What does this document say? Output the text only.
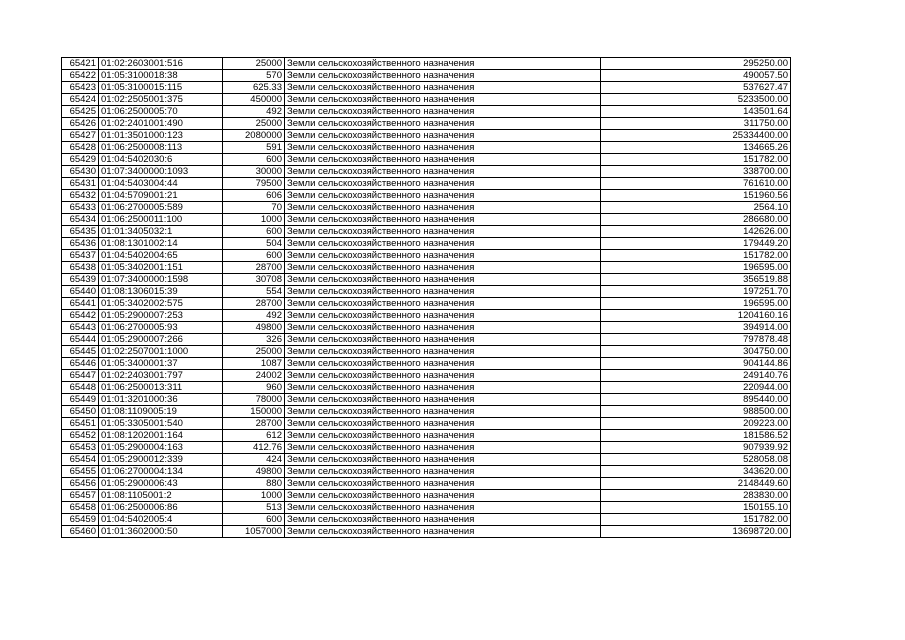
65421	01:02:2603001:516	25000	Земли сельскохозяйственного назначения	295250.00
65422	01:05:3100018:38	570	Земли сельскохозяйственного назначения	490057.50
65423	01:05:3100015:115	625.33	Земли сельскохозяйственного назначения	537627.47
65424	01:02:2505001:375	450000	Земли сельскохозяйственного назначения	5233500.00
65425	01:06:2500005:70	492	Земли сельскохозяйственного назначения	143501.64
65426	01:02:2401001:490	25000	Земли сельскохозяйственного назначения	311750.00
65427	01:01:3501000:123	2080000	Земли сельскохозяйственного назначения	25334400.00
65428	01:06:2500008:113	591	Земли сельскохозяйственного назначения	134665.26
65429	01:04:5402030:6	600	Земли сельскохозяйственного назначения	151782.00
65430	01:07:3400000:1093	30000	Земли сельскохозяйственного назначения	338700.00
65431	01:04:5403004:44	79500	Земли сельскохозяйственного назначения	761610.00
65432	01:04:5709001:21	606	Земли сельскохозяйственного назначения	151960.56
65433	01:06:2700005:589	70	Земли сельскохозяйственного назначения	2564.10
65434	01:06:2500011:100	1000	Земли сельскохозяйственного назначения	286680.00
65435	01:01:3405032:1	600	Земли сельскохозяйственного назначения	142626.00
65436	01:08:1301002:14	504	Земли сельскохозяйственного назначения	179449.20
65437	01:04:5402004:65	600	Земли сельскохозяйственного назначения	151782.00
65438	01:05:3402001:151	28700	Земли сельскохозяйственного назначения	196595.00
65439	01:07:3400000:1598	30708	Земли сельскохозяйственного назначения	356519.88
65440	01:08:1306015:39	554	Земли сельскохозяйственного назначения	197251.70
65441	01:05:3402002:575	28700	Земли сельскохозяйственного назначения	196595.00
65442	01:05:2900007:253	492	Земли сельскохозяйственного назначения	1204160.16
65443	01:06:2700005:93	49800	Земли сельскохозяйственного назначения	394914.00
65444	01:05:2900007:266	326	Земли сельскохозяйственного назначения	797878.48
65445	01:02:2507001:1000	25000	Земли сельскохозяйственного назначения	304750.00
65446	01:05:3400001:37	1087	Земли сельскохозяйственного назначения	904144.86
65447	01:02:2403001:797	24002	Земли сельскохозяйственного назначения	249140.76
65448	01:06:2500013:311	960	Земли сельскохозяйственного назначения	220944.00
65449	01:01:3201000:36	78000	Земли сельскохозяйственного назначения	895440.00
65450	01:08:1109005:19	150000	Земли сельскохозяйственного назначения	988500.00
65451	01:05:3305001:540	28700	Земли сельскохозяйственного назначения	209223.00
65452	01:08:1202001:164	612	Земли сельскохозяйственного назначения	181586.52
65453	01:05:2900004:163	412.76	Земли сельскохозяйственного назначения	907939.92
65454	01:05:2900012:339	424	Земли сельскохозяйственного назначения	528058.08
65455	01:06:2700004:134	49800	Земли сельскохозяйственного назначения	343620.00
65456	01:05:2900006:43	880	Земли сельскохозяйственного назначения	2148449.60
65457	01:08:1105001:2	1000	Земли сельскохозяйственного назначения	283830.00
65458	01:06:2500006:86	513	Земли сельскохозяйственного назначения	150155.10
65459	01:04:5402005:4	600	Земли сельскохозяйственного назначения	151782.00
65460	01:01:3602000:50	1057000	Земли сельскохозяйственного назначения	13698720.00
